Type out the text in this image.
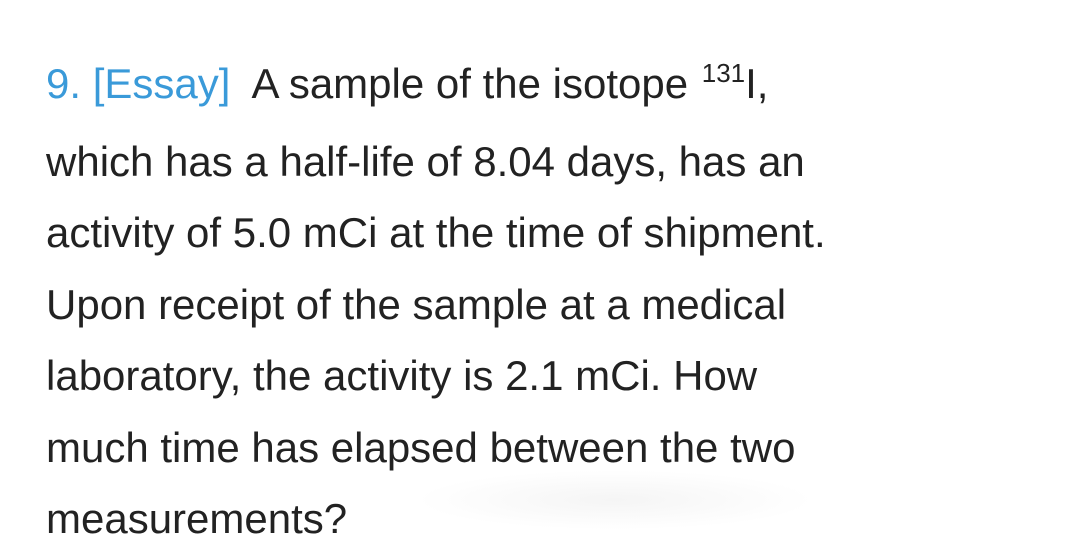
9. [Essay] A sample of the isotope $^{131}$I,
which has a half-life of 8.04 days, has an
activity of 5.0 mCi at the time of shipment.
Upon receipt of the sample at a medical
laboratory, the activity is 2.1 mCi. How
much time has elapsed between the two
measurements?
